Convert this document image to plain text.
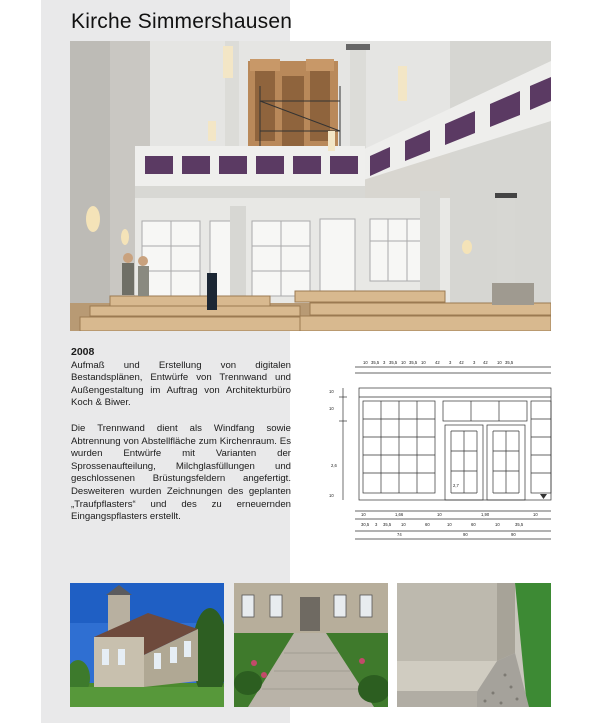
Kirche Simmershausen
2008

Aufmaß und Erstellung von digitalen Bestandsplänen, Entwürfe von Trennwand und Außengestaltung im Auftrag von Architekturbüro Koch & Biwer.

Die Trennwand dient als Windfang sowie Abtrennung von Abstellfläche zum Kirchenraum. Es wurden Entwürfe mit Varianten der Sprossenaufteilung, Milchglasfüllungen und geschlossenen Brüstungsfeldern angefertigt. Desweiteren wurden Zeichnungen des geplanten „Traufpflasters“ und des zu erneuernden Eingangspflasters erstellt.

10 35,5 3 35,5 10 35,5 10 42 3 42 3 42 10 35,5
10
10
2,6
10
2,7
10	1,66	10	1,90	10
30,5 3 35,5 10	60	10	60	10	35,5
74	90	90
